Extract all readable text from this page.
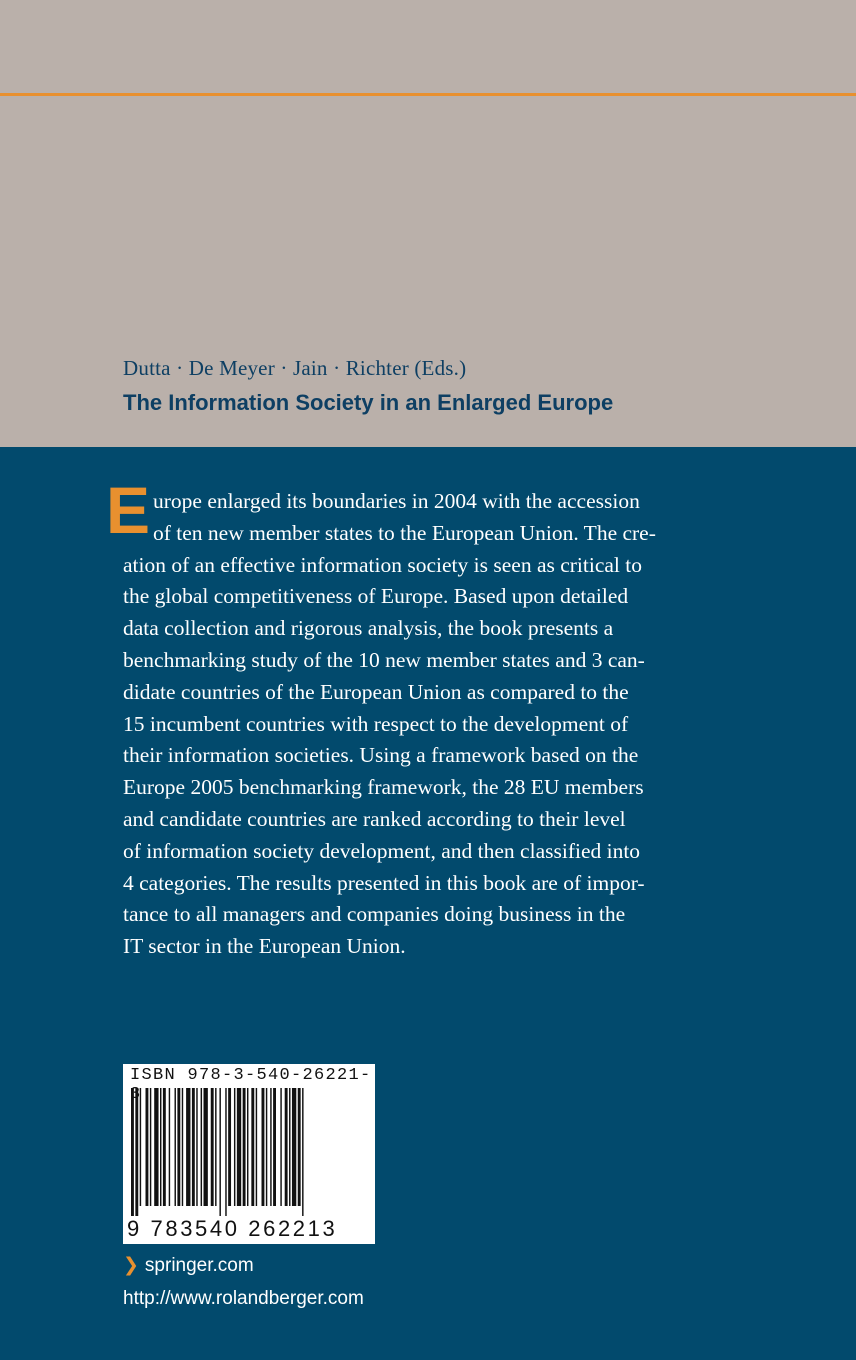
Dutta · De Meyer · Jain · Richter (Eds.)
The Information Society in an Enlarged Europe
E urope enlarged its boundaries in 2004 with the accession
of ten new member states to the European Union. The cre-
ation of an effective information society is seen as critical to
the global competitiveness of Europe. Based upon detailed
data collection and rigorous analysis, the book presents a
benchmarking study of the 10 new member states and 3 can-
didate countries of the European Union as compared to the
15 incumbent countries with respect to the development of
their information societies. Using a framework based on the
Europe 2005 benchmarking framework, the 28 EU members
and candidate countries are ranked according to their level
of information society development, and then classified into
4 categories. The results presented in this book are of impor-
tance to all managers and companies doing business in the
IT sector in the European Union.
ISBN 978-3-540-26221-
9 783540 262213
❯ springer.com
http://www.rolandberger.com
